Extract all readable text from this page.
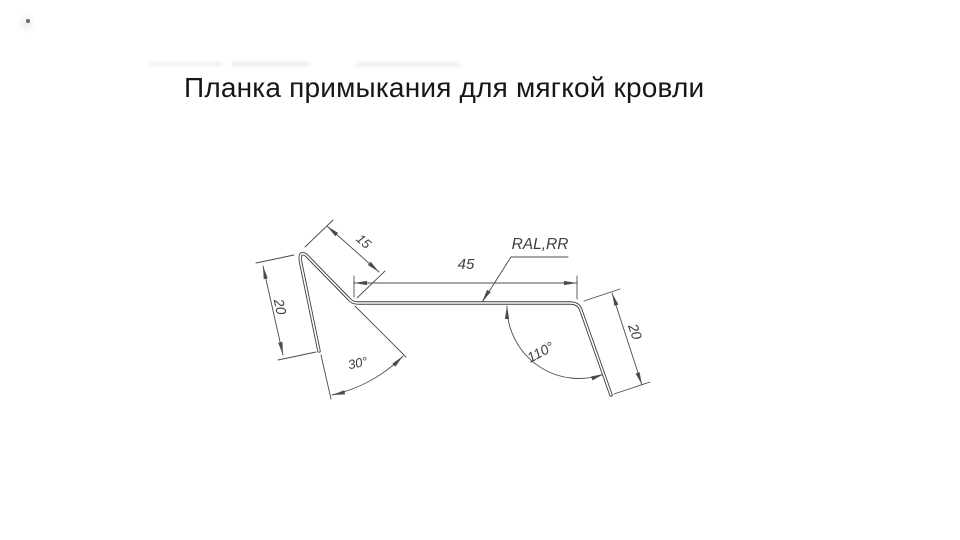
Планка примыкания для мягкой кровли
15
45
20
20
30°	110°
RAL,RR
